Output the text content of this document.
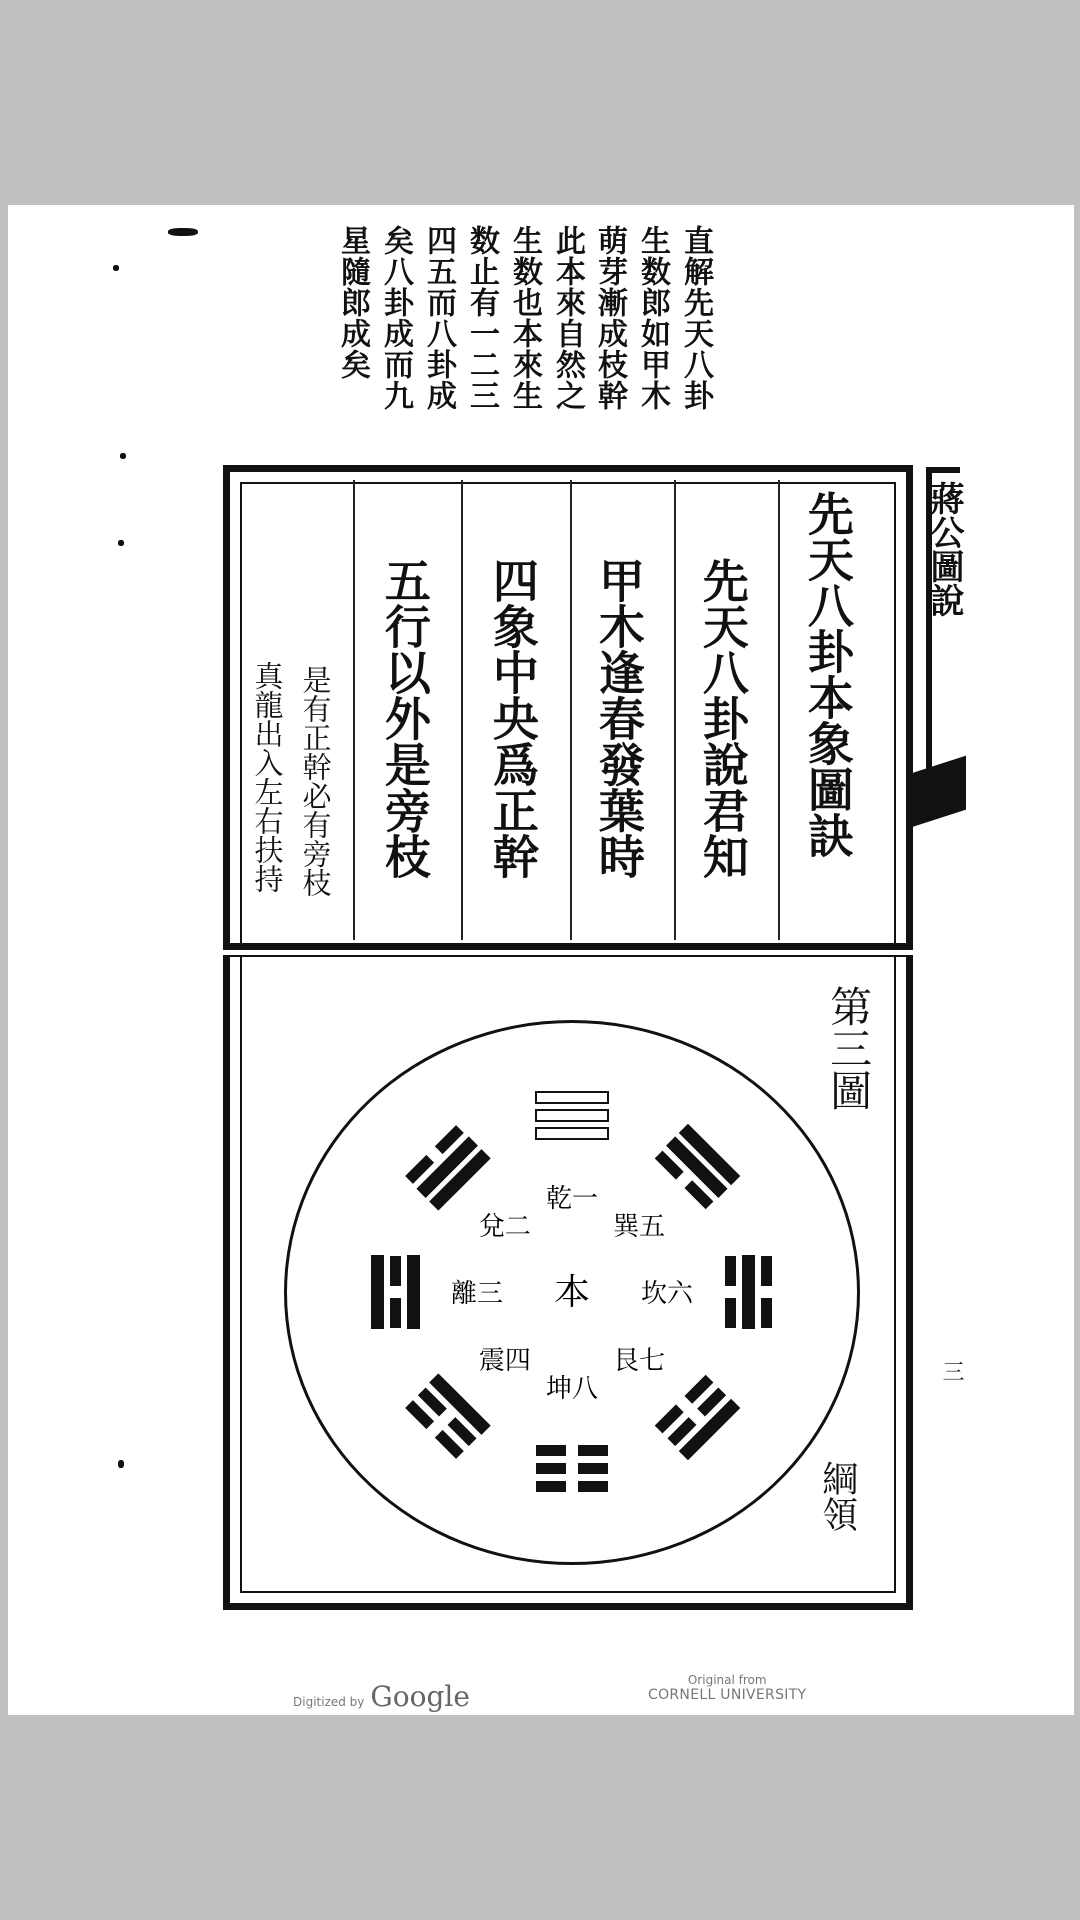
直解先天八卦
生数郎如甲木
萌芽漸成枝幹
此本來自然之
生数也本來生
数止有一二三
四五而八卦成
矣八卦成而九
星隨郎成矣
先天八卦本象圖訣
先天八卦說君知
甲木逢春發葉時
四象中央爲正幹
五行以外是旁枝
是有正幹必有旁枝
真龍出入左右扶持
蔣公圖說
三
第三圖
本
乾一
兌二
離三
震四
巽五
坎六
艮七
坤八
綱領
Digitized by Google	Original from
CORNELL UNIVERSITY
